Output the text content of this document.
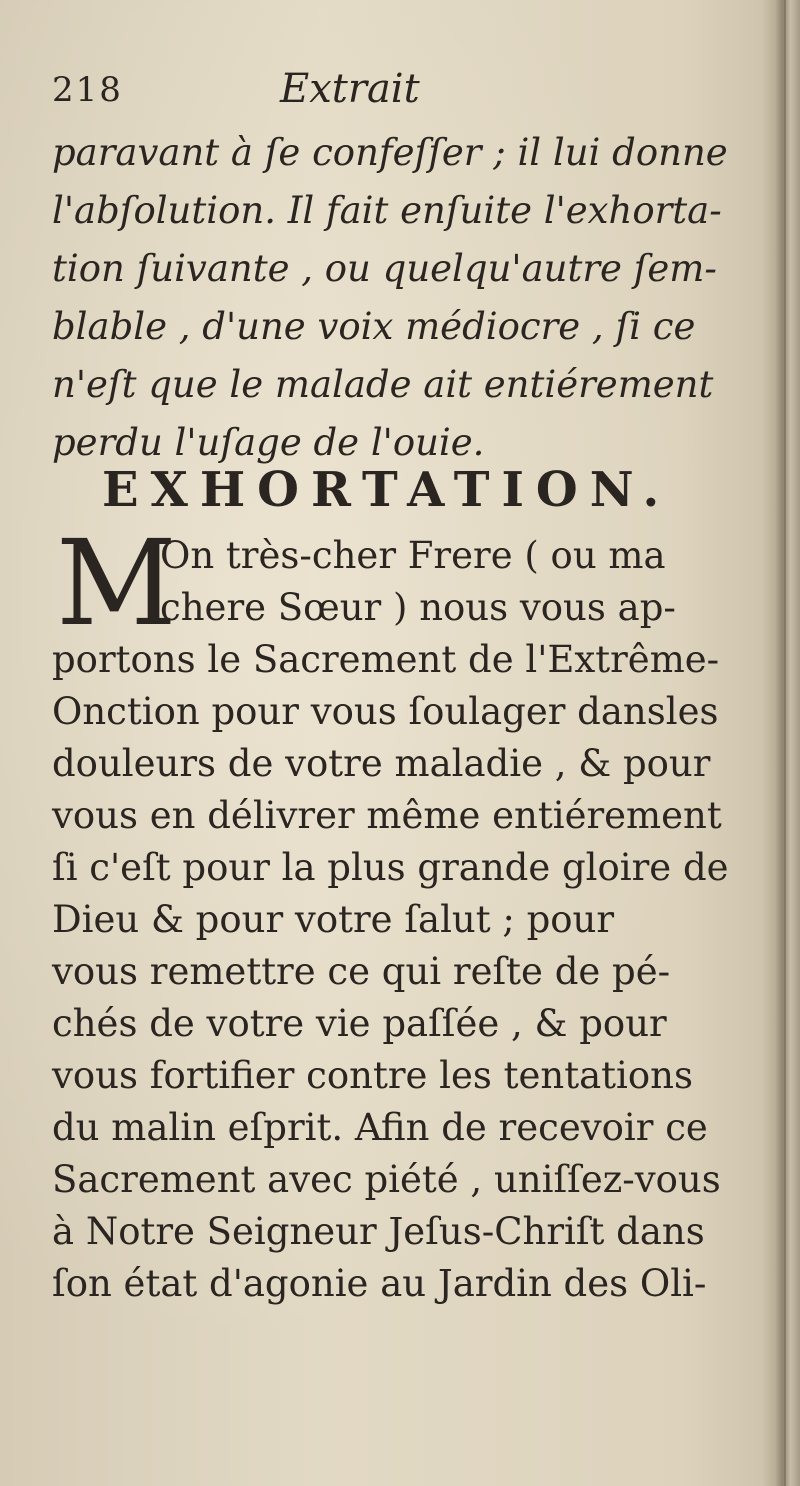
218	Extrait
paravant à ſe confeſſer ; il lui donne
l'abſolution. Il fait enſuite l'exhorta-
tion ſuivante , ou quelqu'autre ſem-
blable , d'une voix médiocre , ſi ce
n'eſt que le malade ait entiérement
perdu l'uſage de l'ouie.
EXHORTATION.
M
On très-cher Frere ( ou ma
chere Sœur ) nous vous ap-
portons le Sacrement de l'Extrême-
Onction pour vous ſoulager dansles
douleurs de votre maladie , & pour
vous en délivrer même entiérement
ſi c'eſt pour la plus grande gloire de
Dieu & pour votre ſalut ; pour
vous remettre ce qui reſte de pé-
chés de votre vie paſſée , & pour
vous fortifier contre les tentations
du malin eſprit. Afin de recevoir ce
Sacrement avec piété , uniſſez-vous
à Notre Seigneur Jeſus-Chriſt dans
ſon état d'agonie au Jardin des Oli-
